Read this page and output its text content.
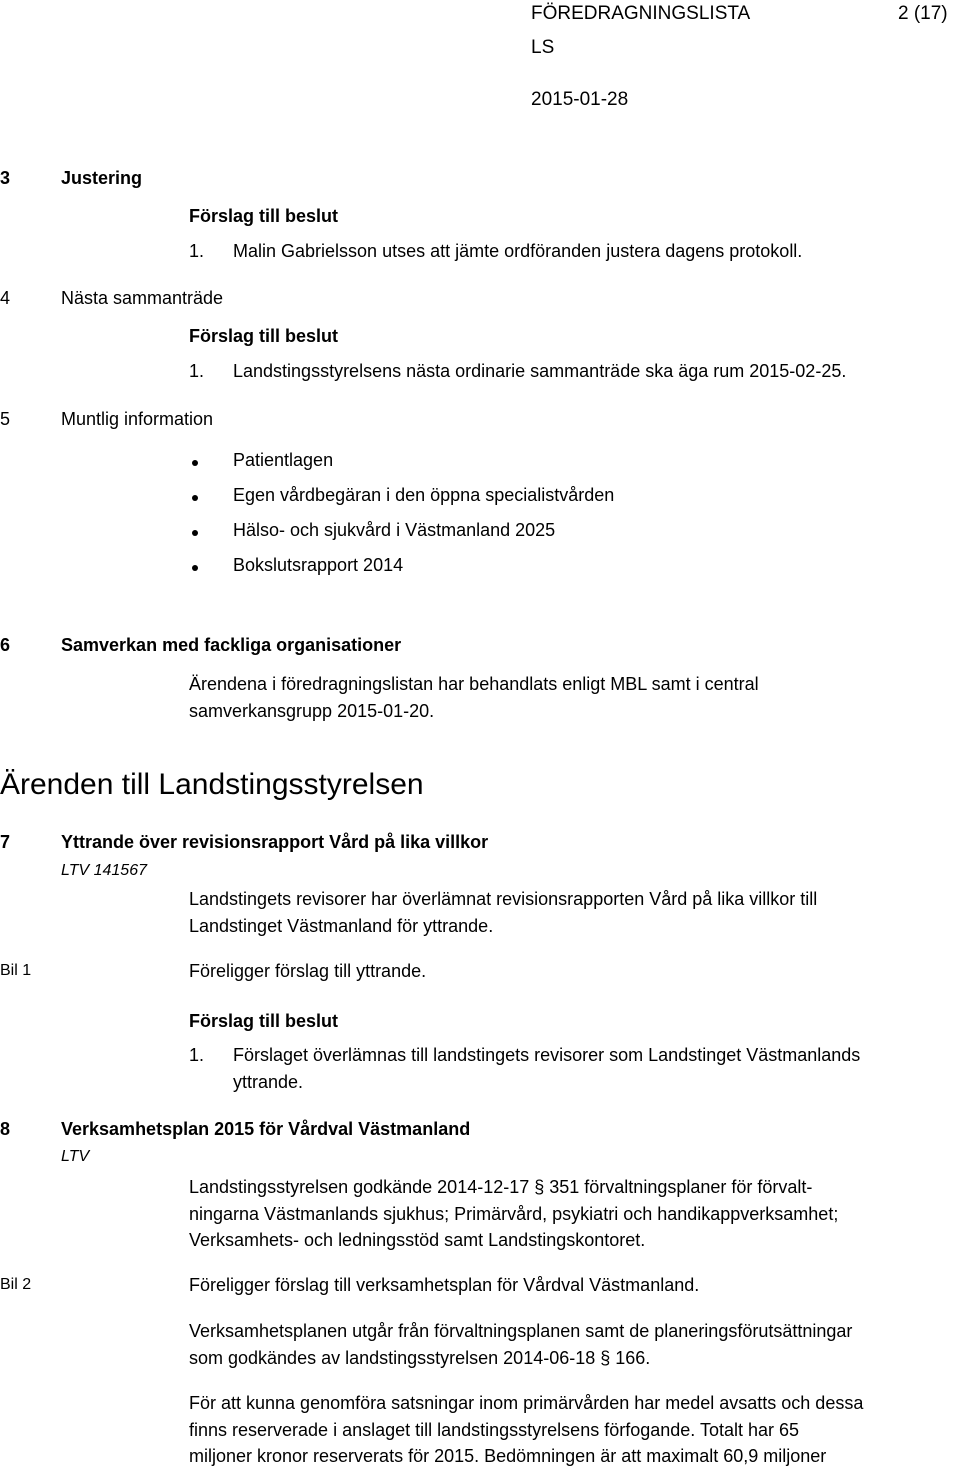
FÖREDRAGNINGSLISTA	2 (17)
LS
2015-01-28
3	Justering
Förslag till beslut
1. Malin Gabrielsson utses att jämte ordföranden justera dagens protokoll.
4	Nästa sammanträde
Förslag till beslut
1. Landstingsstyrelsens nästa ordinarie sammanträde ska äga rum 2015-02-25.
5	Muntlig information
Patientlagen
Egen vårdbegäran i den öppna specialistvården
Hälso- och sjukvård i Västmanland 2025
Bokslutsrapport 2014
6	Samverkan med fackliga organisationer
Ärendena i föredragningslistan har behandlats enligt MBL samt i central
samverkansgrupp 2015-01-20.
Ärenden till Landstingsstyrelsen
7	Yttrande över revisionsrapport Vård på lika villkor
LTV 141567
Landstingets revisorer har överlämnat revisionsrapporten Vård på lika villkor till
Landstinget Västmanland för yttrande.
Bil 1	Föreligger förslag till yttrande.
Förslag till beslut
1. Förslaget överlämnas till landstingets revisorer som Landstinget Västmanlands
yttrande.
8	Verksamhetsplan 2015 för Vårdval Västmanland
LTV
Landstingsstyrelsen godkände 2014-12-17 § 351 förvaltningsplaner för förvalt-
ningarna Västmanlands sjukhus; Primärvård, psykiatri och handikappverksamhet;
Verksamhets- och ledningsstöd samt Landstingskontoret.
Bil 2	Föreligger förslag till verksamhetsplan för Vårdval Västmanland.
Verksamhetsplanen utgår från förvaltningsplanen samt de planeringsförutsättningar
som godkändes av landstingsstyrelsen 2014-06-18 § 166.
För att kunna genomföra satsningar inom primärvården har medel avsatts och dessa
finns reserverade i anslaget till landstingsstyrelsens förfogande. Totalt har 65
miljoner kronor reserverats för 2015. Bedömningen är att maximalt 60,9 miljoner
